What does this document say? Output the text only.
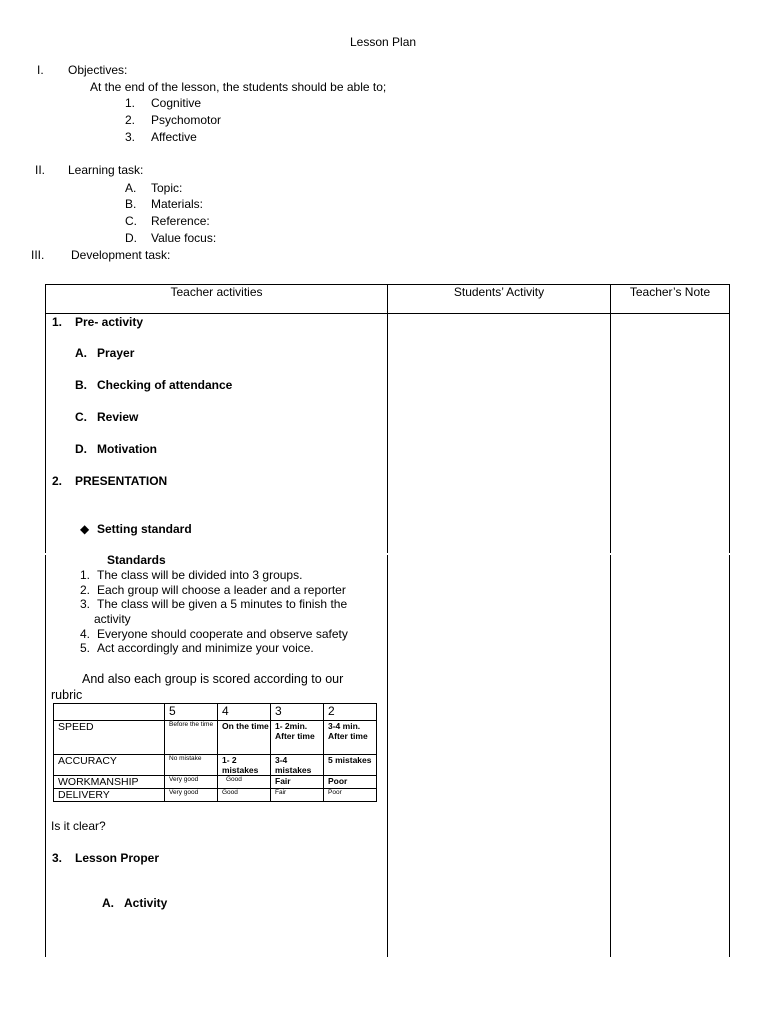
Lesson Plan
I. Objectives:
At the end of the lesson, the students should be able to;
1. Cognitive
2. Psychomotor
3. Affective
II. Learning task:
A. Topic:
B. Materials:
C. Reference:
D. Value focus:
III. Development task:
Teacher activities	Students’ Activity	Teacher’s Note
1. Pre- activity
A. Prayer
B. Checking of attendance
C. Review
D. Motivation
2. PRESENTATION
◆ Setting standard
Standards
1. The class will be divided into 3 groups.
2. Each group will choose a leader and a reporter
3. The class will be given a 5 minutes to finish the
activity
4. Everyone should cooperate and observe safety
5. Act accordingly and minimize your voice.
And also each group is scored according to our
rubric
	5	4	3	2
SPEED	Before the time	On the time	1- 2min. After time	3-4 min. After time

ACCURACY	No mistake	1- 2 mistakes	3-4 mistakes	5 mistakes

WORKMANSHIP	Very good	Good	Fair	Poor

DELIVERY	Very good	Good	Fair	Poor
Is it clear?
3. Lesson Proper
A. Activity
